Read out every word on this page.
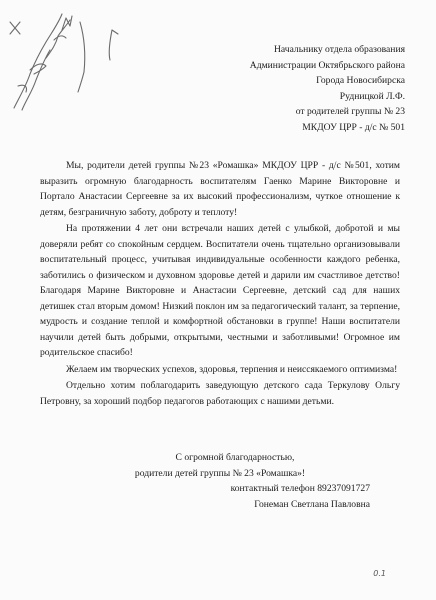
Начальнику отдела образования
Администрации Октябрьского района
Города Новосибирска
Рудницкой Л.Ф.
от родителей группы № 23
МКДОУ ЦРР - д/с № 501

Мы, родители детей группы №23 «Ромашка» МКДОУ ЦРР - д/с №501, хотим выразить огромную благодарность воспитателям Гаенко Марине Викторовне и Портало Анастасии Сергеевне за их высокий профессионализм, чуткое отношение к детям, безграничную заботу, доброту и теплоту!

На протяжении 4 лет они встречали наших детей с улыбкой, добротой и мы доверяли ребят со спокойным сердцем. Воспитатели очень тщательно организовывали воспитательный процесс, учитывая индивидуальные особенности каждого ребенка, заботились о физическом и духовном здоровье детей и дарили им счастливое детство! Благодаря Марине Викторовне и Анастасии Сергеевне, детский сад для наших детишек стал вторым домом! Низкий поклон им за педагогический талант, за терпение, мудрость и создание теплой и комфортной обстановки в группе! Наши воспитатели научили детей быть добрыми, открытыми, честными и заботливыми! Огромное им родительское спасибо!

Желаем им творческих успехов, здоровья, терпения и неиссякаемого оптимизма!

Отдельно хотим поблагодарить заведующую детского сада Теркулову Ольгу Петровну, за хороший подбор педагогов работающих с нашими детьми.

С огромной благодарностью,
родители детей группы № 23 «Ромашка»!
контактный телефон 89237091727
Гонеман Светлана Павловна
0.1
